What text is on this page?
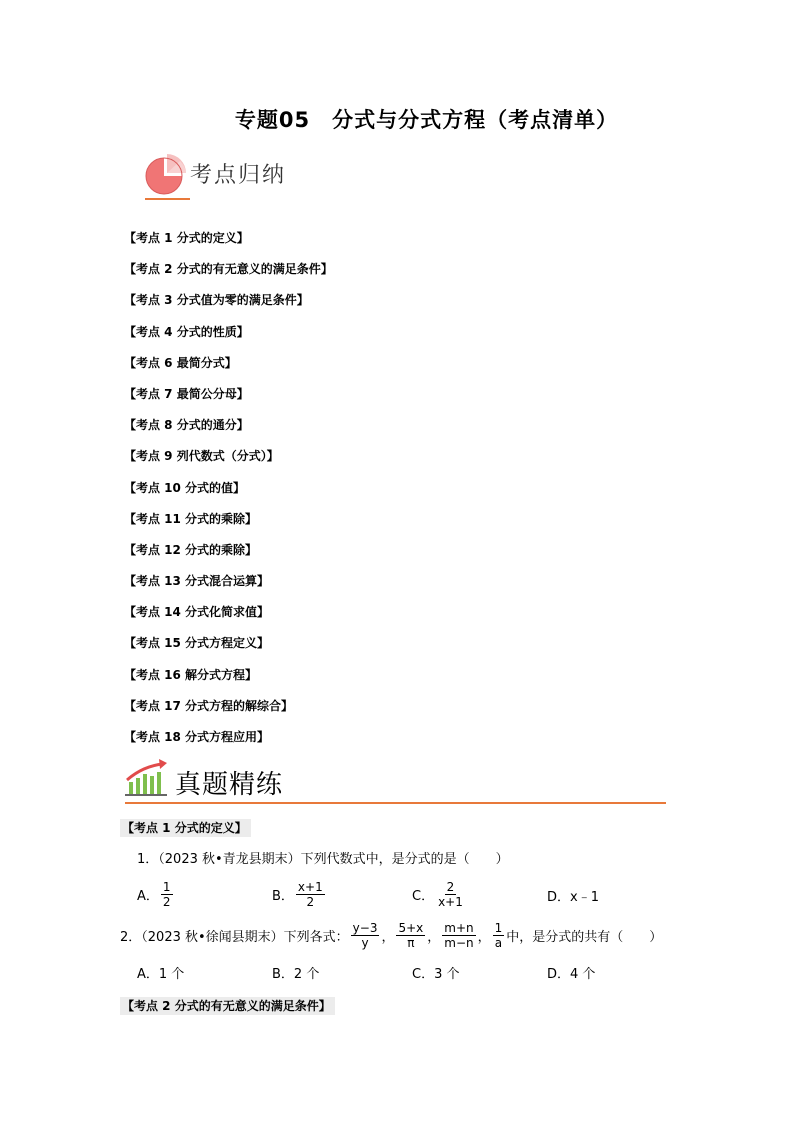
专题05　分式与分式方程（考点清单）
考点归纳
【考点 1 分式的定义】
【考点 2 分式的有无意义的满足条件】
【考点 3 分式值为零的满足条件】
【考点 4 分式的性质】
【考点 6 最简分式】
【考点 7 最简公分母】
【考点 8 分式的通分】
【考点 9 列代数式（分式）】
【考点 10 分式的值】
【考点 11 分式的乘除】
【考点 12 分式的乘除】
【考点 13 分式混合运算】
【考点 14 分式化简求值】
【考点 15 分式方程定义】
【考点 16 解分式方程】
【考点 17 分式方程的解综合】
【考点 18 分式方程应用】
真题精练
【考点 1 分式的定义】
1．（2023 秋•青龙县期末）下列代数式中，是分式的是（　　）
A． $\frac{1}{2}$	B． $\frac{x+1}{2}$	C． $\frac{2}{x+1}$	D． x﹣1
2．（2023 秋•徐闻县期末）下列各式： $\frac{y-3}{y}$ ， $\frac{5+x}{\pi}$ ， $\frac{m+n}{m-n}$ ， $\frac{1}{a}$ 中，是分式的共有（　　）
A．1 个	B．2 个	C．3 个	D．4 个
【考点 2 分式的有无意义的满足条件】
